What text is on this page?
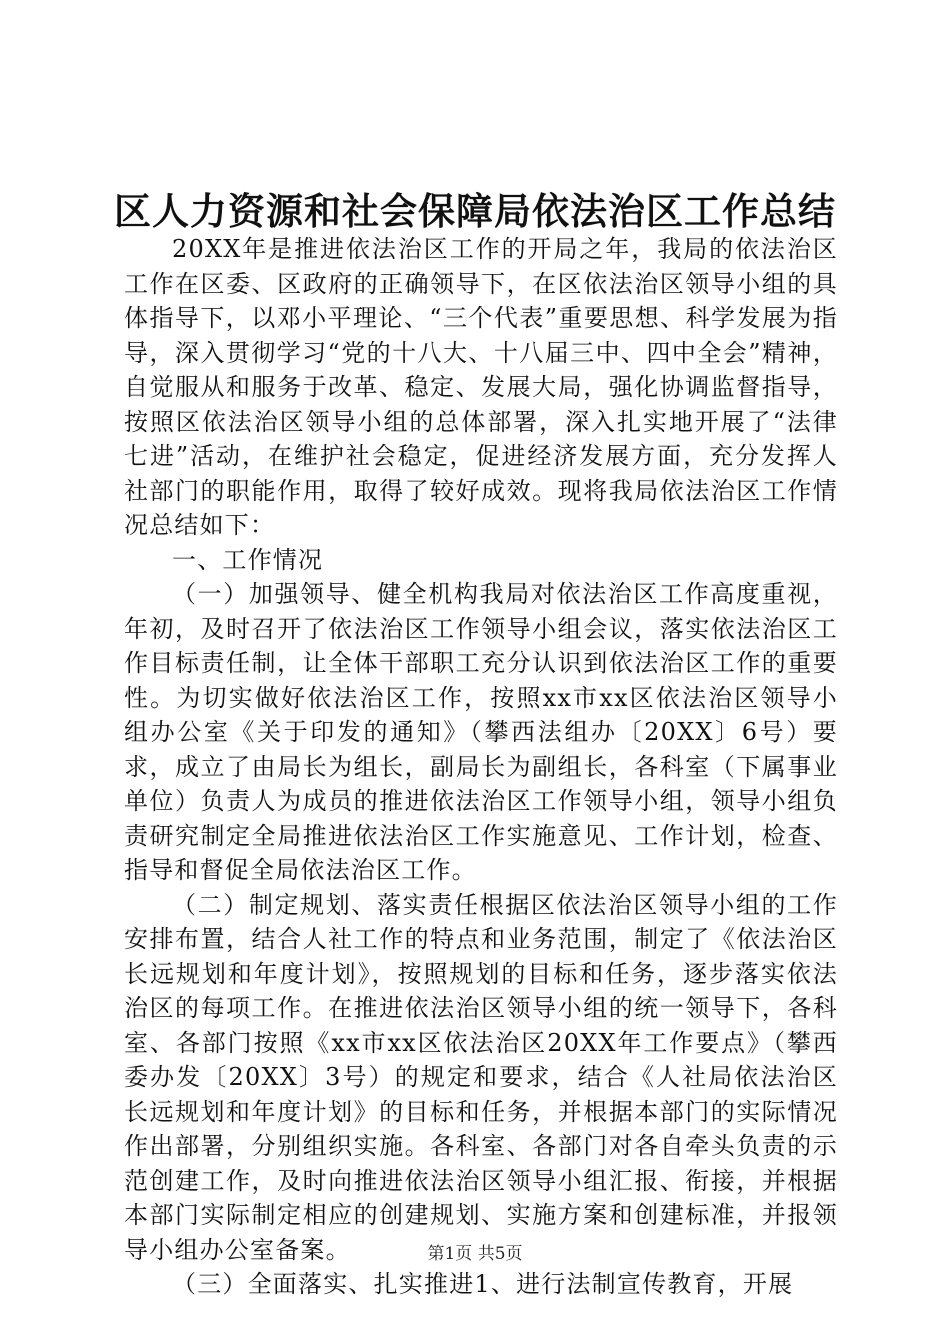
区人力资源和社会保障局依法治区工作总结

20XX年是推进依法治区工作的开局之年，我局的依法治区工作在区委、区政府的正确领导下，在区依法治区领导小组的具体指导下，以邓小平理论、“三个代表”重要思想、科学发展为指导，深入贯彻学习“党的十八大、十八届三中、四中全会”精神，自觉服从和服务于改革、稳定、发展大局，强化协调监督指导，按照区依法治区领导小组的总体部署，深入扎实地开展了“法律七进”活动，在维护社会稳定，促进经济发展方面，充分发挥人社部门的职能作用，取得了较好成效。现将我局依法治区工作情况总结如下：

一、工作情况

（一）加强领导、健全机构我局对依法治区工作高度重视，年初，及时召开了依法治区工作领导小组会议，落实依法治区工作目标责任制，让全体干部职工充分认识到依法治区工作的重要性。为切实做好依法治区工作，按照xx市xx区依法治区领导小组办公室《关于印发的通知》（攀西法组办〔20XX〕6号）要求，成立了由局长为组长，副局长为副组长，各科室（下属事业单位）负责人为成员的推进依法治区工作领导小组，领导小组负责研究制定全局推进依法治区工作实施意见、工作计划，检查、指导和督促全局依法治区工作。

（二）制定规划、落实责任根据区依法治区领导小组的工作安排布置，结合人社工作的特点和业务范围，制定了《依法治区长远规划和年度计划》，按照规划的目标和任务，逐步落实依法治区的每项工作。在推进依法治区领导小组的统一领导下，各科室、各部门按照《xx市xx区依法治区20XX年工作要点》（攀西委办发〔20XX〕3号）的规定和要求，结合《人社局依法治区长远规划和年度计划》的目标和任务，并根据本部门的实际情况作出部署，分别组织实施。各科室、各部门对各自牵头负责的示范创建工作，及时向推进依法治区领导小组汇报、衔接，并根据本部门实际制定相应的创建规划、实施方案和创建标准，并报领导小组办公室备案。

（三）全面落实、扎实推进1、进行法制宣传教育，开展

第1页 共5页
